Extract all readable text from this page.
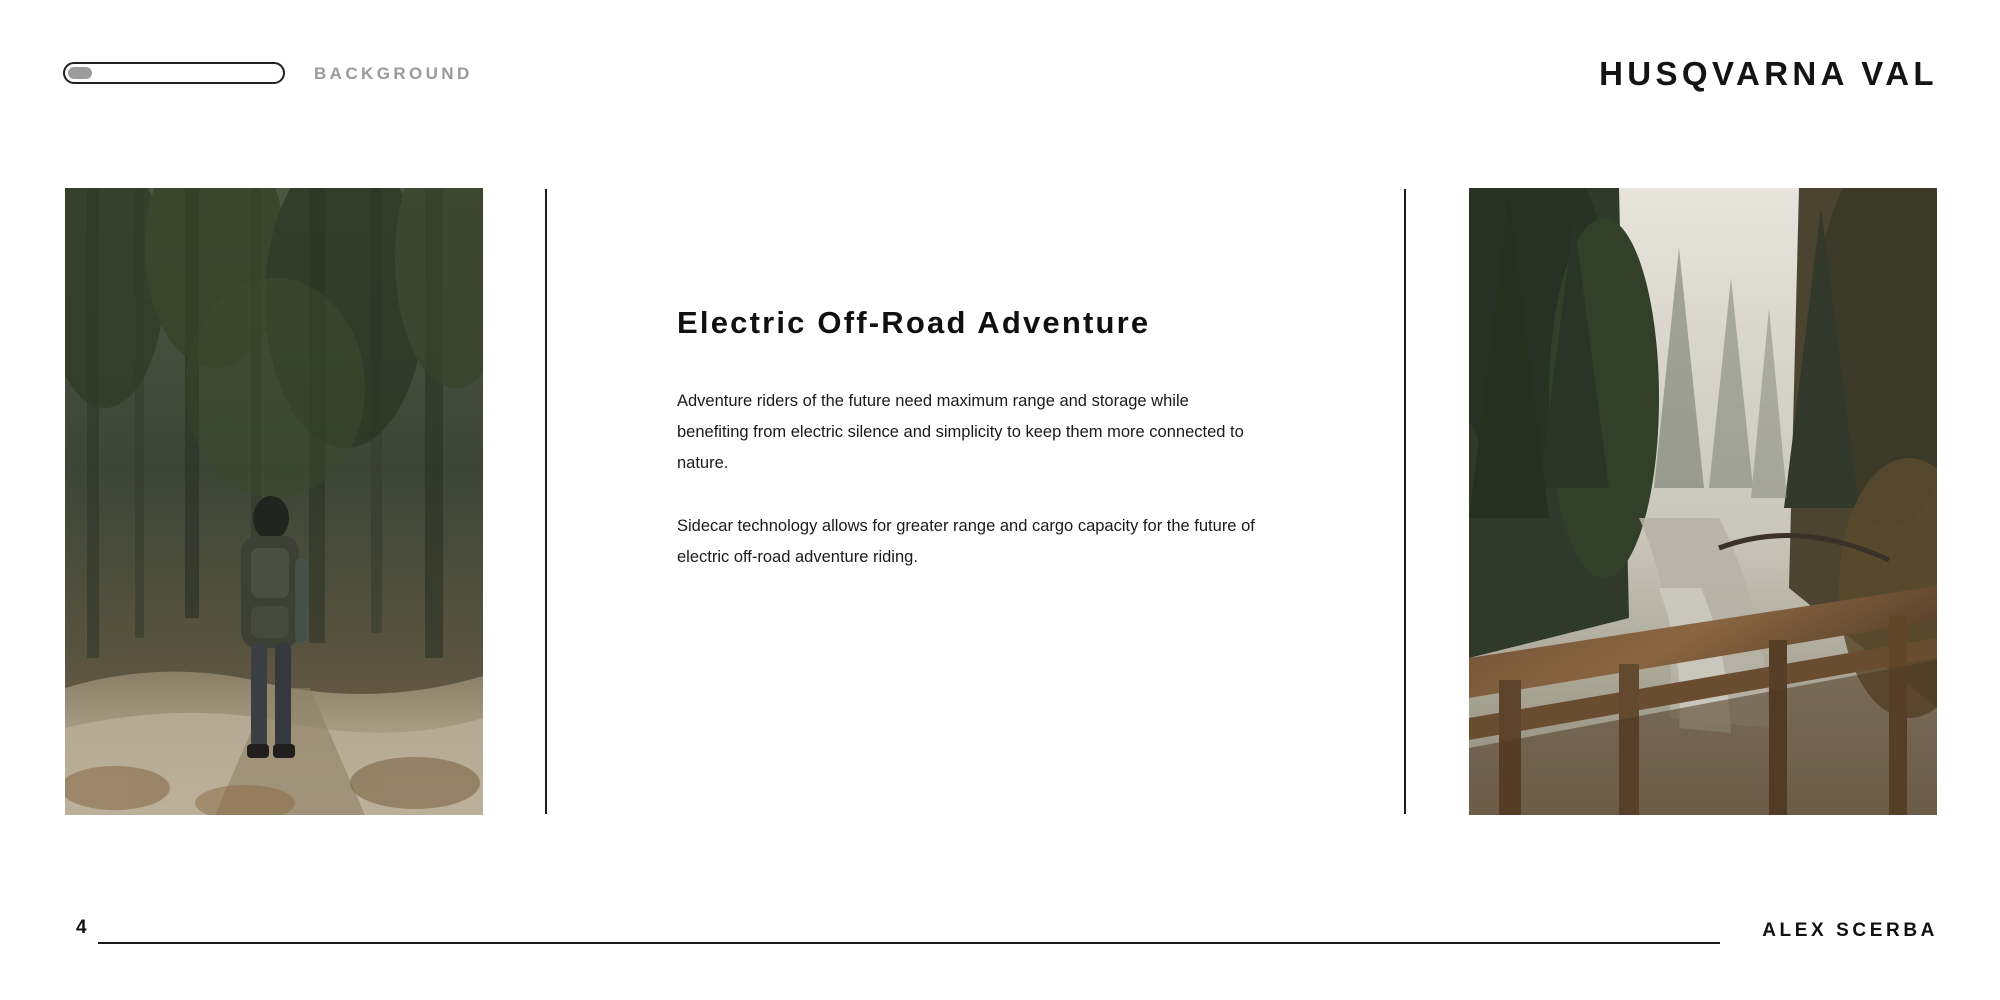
BACKGROUND	HUSQVARNA VAL
Electric Off-Road Adventure
Adventure riders of the future need maximum range and storage while benefiting from electric silence and simplicity to keep them more connected to nature.
Sidecar technology allows for greater range and cargo capacity for the future of electric off-road adventure riding.
4	ALEX SCERBA
